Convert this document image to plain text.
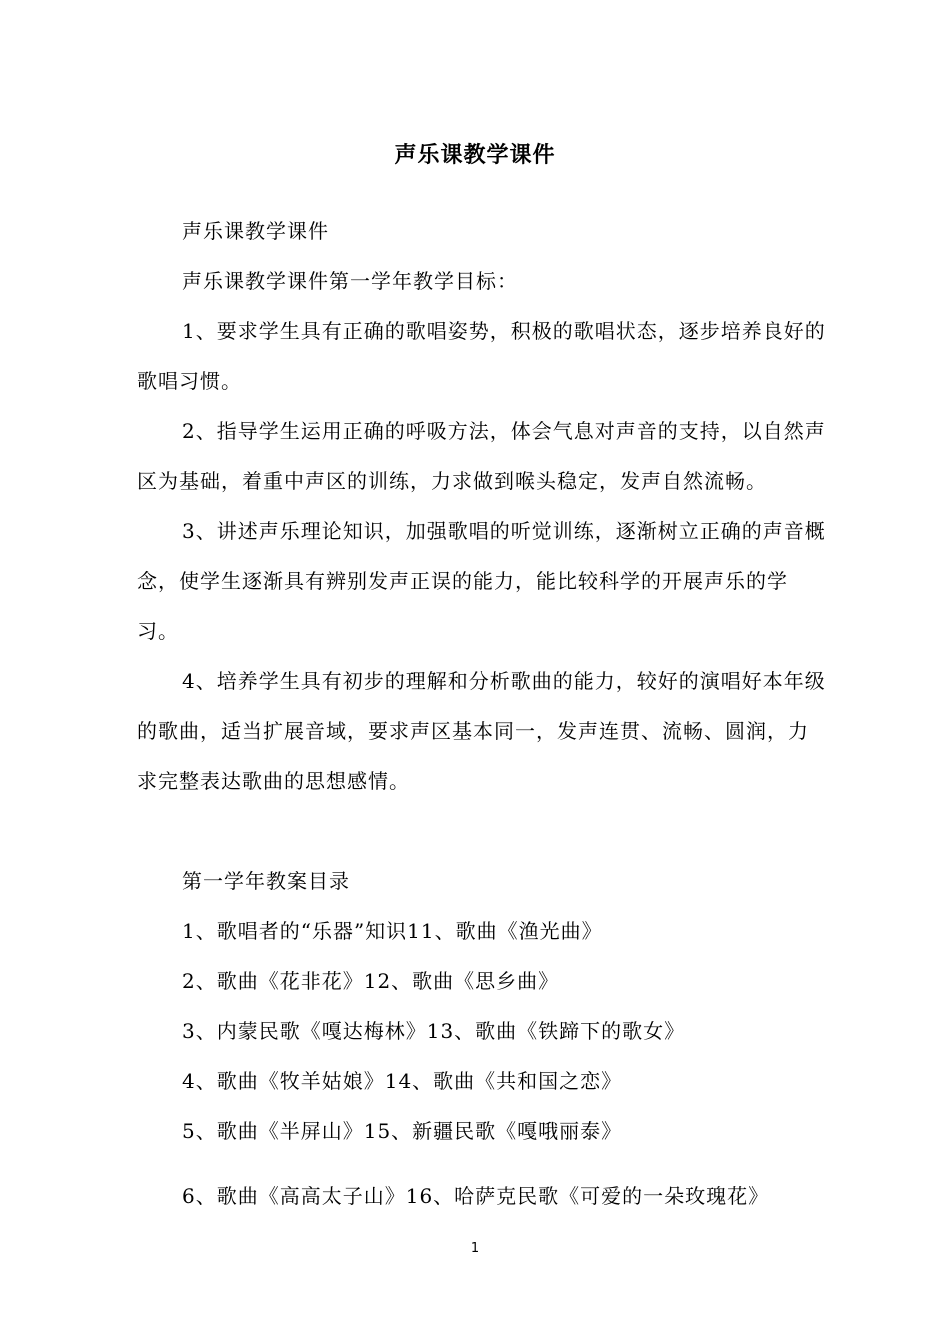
声乐课教学课件

声乐课教学课件

声乐课教学课件第一学年教学目标：

1、要求学生具有正确的歌唱姿势，积极的歌唱状态，逐步培养良好的歌唱习惯。

2、指导学生运用正确的呼吸方法，体会气息对声音的支持，以自然声区为基础，着重中声区的训练，力求做到喉头稳定，发声自然流畅。

3、讲述声乐理论知识，加强歌唱的听觉训练，逐渐树立正确的声音概念，使学生逐渐具有辨别发声正误的能力，能比较科学的开展声乐的学习。

4、培养学生具有初步的理解和分析歌曲的能力，较好的演唱好本年级的歌曲，适当扩展音域，要求声区基本同一，发声连贯、流畅、圆润，力求完整表达歌曲的思想感情。

第一学年教案目录

1、歌唱者的“乐器”知识11、歌曲《渔光曲》

2、歌曲《花非花》12、歌曲《思乡曲》

3、内蒙民歌《嘎达梅林》13、歌曲《铁蹄下的歌女》

4、歌曲《牧羊姑娘》14、歌曲《共和国之恋》

5、歌曲《半屏山》15、新疆民歌《嘎哦丽泰》

6、歌曲《高高太子山》16、哈萨克民歌《可爱的一朵玫瑰花》
1
